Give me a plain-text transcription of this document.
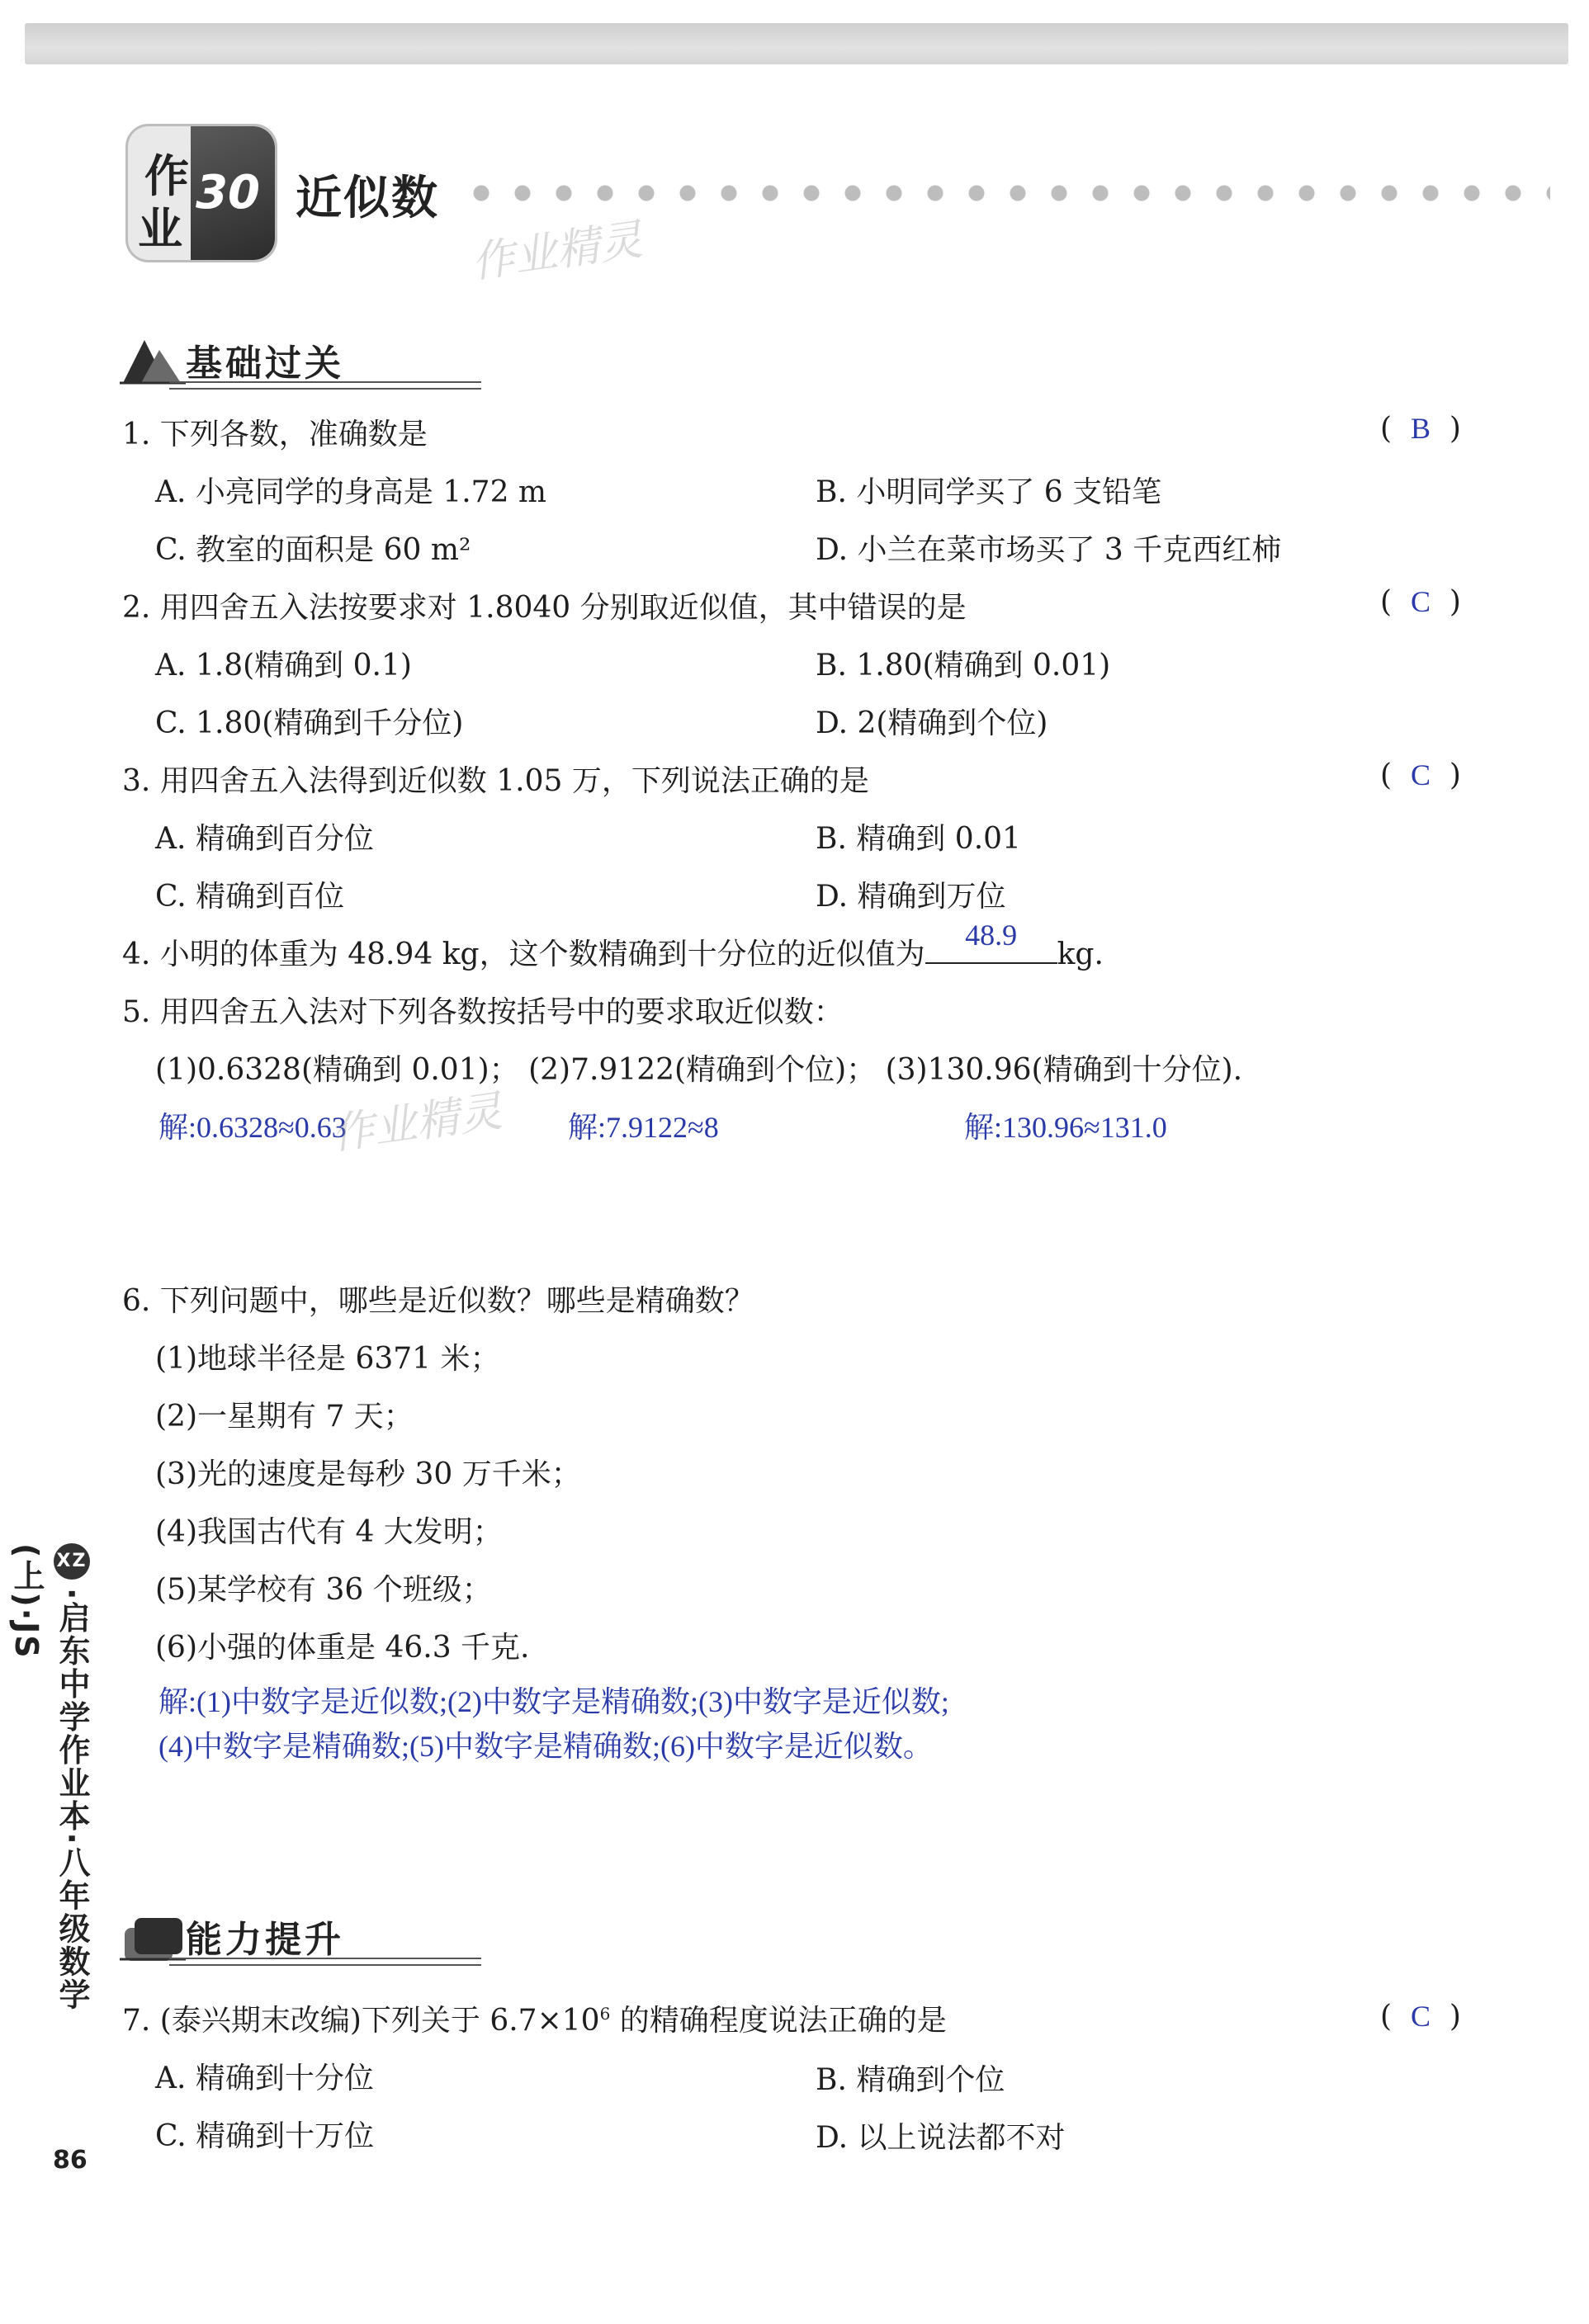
作
业
30 近似数
作业精灵
基础过关
1. 下列各数，准确数是	(  B  )
A. 小亮同学的身高是 1.72 m	B. 小明同学买了 6 支铅笔
C. 教室的面积是 60 m²	D. 小兰在菜市场买了 3 千克西红柿
2. 用四舍五入法按要求对 1.8040 分别取近似值，其中错误的是	(  C  )
A. 1.8(精确到 0.1)	B. 1.80(精确到 0.01)
C. 1.80(精确到千分位)	D. 2(精确到个位)
3. 用四舍五入法得到近似数 1.05 万，下列说法正确的是	(  C  )
A. 精确到百分位	B. 精确到 0.01
C. 精确到百位	D. 精确到万位
4. 小明的体重为 48.94 kg，这个数精确到十分位的近似值为
48.9
kg.
5. 用四舍五入法对下列各数按括号中的要求取近似数：
(1)0.6328(精确到 0.01)； (2)7.9122(精确到个位)； (3)130.96(精确到十分位).
解:0.6328≈0.63	解:7.9122≈8	解:130.96≈131.0
作业精灵
6. 下列问题中，哪些是近似数？哪些是精确数？
(1)地球半径是 6371 米；
(2)一星期有 7 天；
(3)光的速度是每秒 30 万千米；
(4)我国古代有 4 大发明；
(5)某学校有 36 个班级；
(6)小强的体重是 46.3 千克.
解:(1)中数字是近似数;(2)中数字是精确数;(3)中数字是近似数;
(4)中数字是精确数;(5)中数字是精确数;(6)中数字是近似数。
能力提升
7. (泰兴期末改编)下列关于 $6.7\times 10^6$ 的精确程度说法正确的是	(  C  )
A. 精确到十分位	B. 精确到个位
C. 精确到十万位	D. 以上说法都不对
XZ·启东中学作业本·八年级数学(上)·JS
86
